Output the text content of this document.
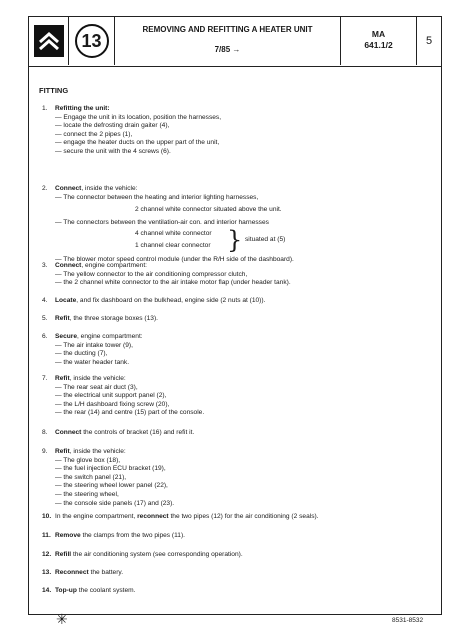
13
REMOVING AND REFITTING A HEATER UNIT
7/85 →
MA
641.1/2	5
FITTING
1. Refitting the unit:
— Engage the unit in its location, position the harnesses,
— locate the defrosting drain gaiter (4),
— connect the 2 pipes (1),
— engage the heater ducts on the upper part of the unit,
— secure the unit with the 4 screws (6).
2. Connect, inside the vehicle:
— The connector between the heating and interior lighting harnesses,

2 channel white connector situated above the unit.

— The connectors between the ventilation-air con. and interior harnesses
4 channel white connector
1 channel clear connector } situated at (5)
— The blower motor speed control module (under the R/H side of the dashboard).
3. Connect, engine compartment:
— The yellow connector to the air conditioning compressor clutch,
— the 2 channel white connector to the air intake motor flap (under header tank).
4. Locate, and fix dashboard on the bulkhead, engine side (2 nuts at (10)).
5. Refit, the three storage boxes (13).
6. Secure, engine compartment:
— The air intake tower (9),
— the ducting (7),
— the water header tank.
7. Refit, inside the vehicle:
— The rear seat air duct (3),
— the electrical unit support panel (2),
— the L/H dashboard fixing screw (20),
— the rear (14) and centre (15) part of the console.
8. Connect the controls of bracket (16) and refit it.
9. Refit, inside the vehicle:
— The glove box (18),
— the fuel injection ECU bracket (19),
— the switch panel (21),
— the steering wheel lower panel (22),
— the steering wheel,
— the console side panels (17) and (23).
10. In the engine compartment, reconnect the two pipes (12) for the air conditioning (2 seals).
11. Remove the clamps from the two pipes (11).
12. Refill the air conditioning system (see corresponding operation).
13. Reconnect the battery.
14. Top-up the coolant system.
✳	8531-8532
